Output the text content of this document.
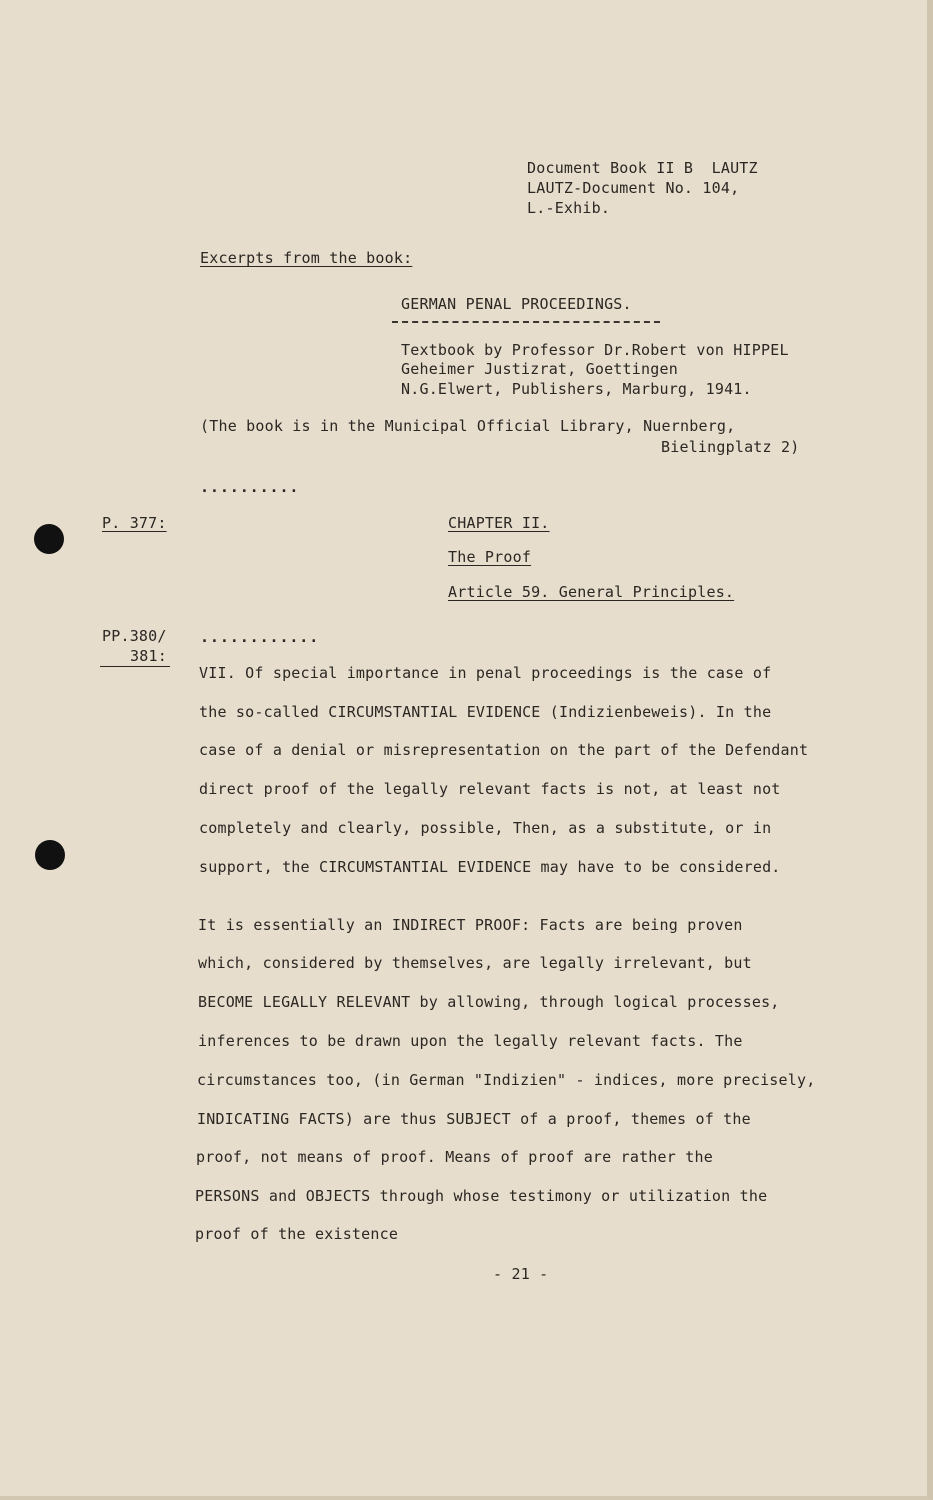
Document Book II B  LAUTZ
LAUTZ-Document No. 104,
L.-Exhib.
Excerpts from the book:
GERMAN PENAL PROCEEDINGS.
Textbook by Professor Dr.Robert von HIPPEL
Geheimer Justizrat, Goettingen
N.G.Elwert, Publishers, Marburg, 1941.
(The book is in the Municipal Official Library, Nuernberg,
Bielingplatz 2)
..........
P. 377:	CHAPTER II.
The Proof
Article 59. General Principles.
PP.380/
381:
............
VII. Of special importance in penal proceedings is the case of
the so-called CIRCUMSTANTIAL EVIDENCE (Indizienbeweis). In the
case of a denial or misrepresentation on the part of the Defendant
direct proof of the legally relevant facts is not, at least not
completely and clearly, possible, Then, as a substitute, or in
support, the CIRCUMSTANTIAL EVIDENCE may have to be considered.
It is essentially an INDIRECT PROOF: Facts are being proven
which, considered by themselves, are legally irrelevant, but
BECOME LEGALLY RELEVANT by allowing, through logical processes,
inferences to be drawn upon the legally relevant facts. The
circumstances too, (in German "Indizien" - indices, more precisely,
INDICATING FACTS) are thus SUBJECT of a proof, themes of the
proof, not means of proof. Means of proof are rather the
PERSONS and OBJECTS through whose testimony or utilization the
proof of the existence
- 21 -
